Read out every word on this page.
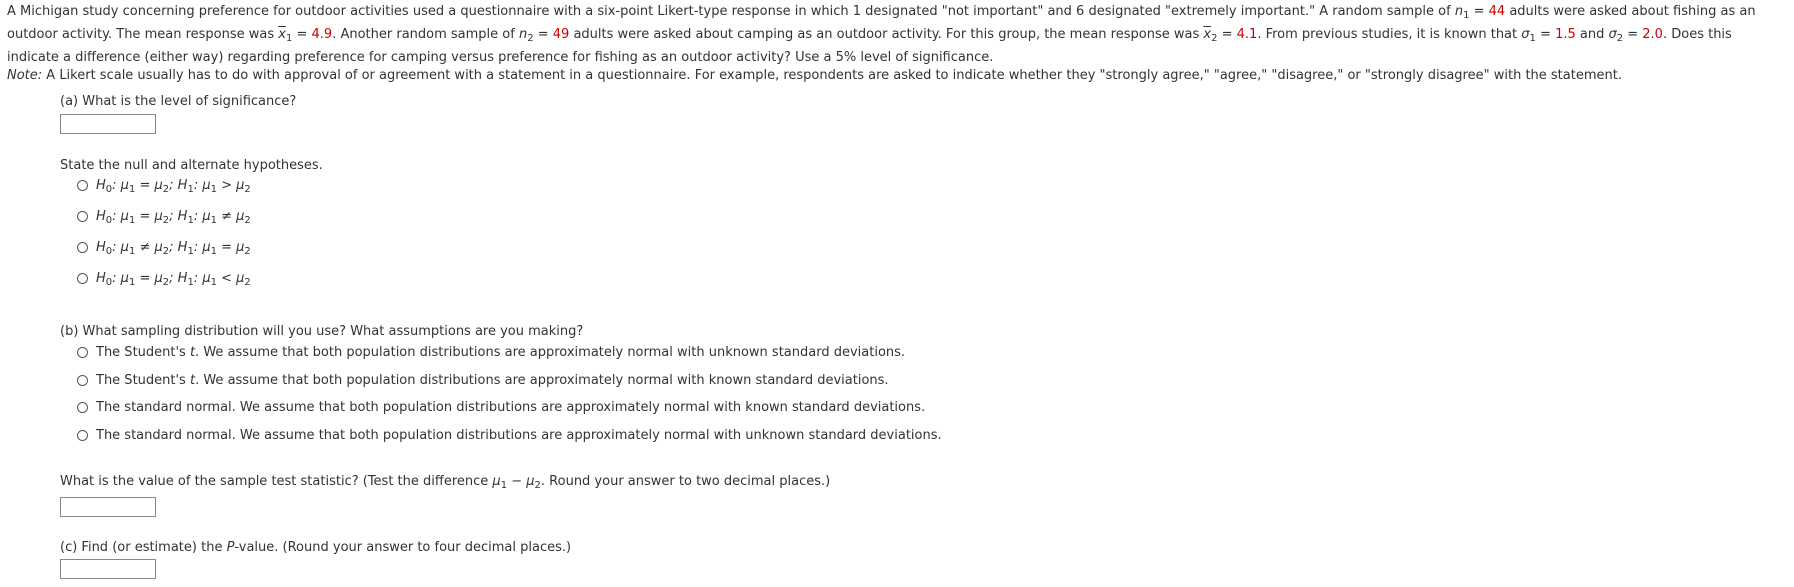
A Michigan study concerning preference for outdoor activities used a questionnaire with a six-point Likert-type response in which 1 designated "not important" and 6 designated "extremely important." A random sample of $n_1 = 44$ adults were asked about fishing as an outdoor activity. The mean response was $\overline{x}_1 = 4.9$. Another random sample of $n_2 = 49$ adults were asked about camping as an outdoor activity. For this group, the mean response was $\overline{x}_2 = 4.1$. From previous studies, it is known that $\sigma_1 = 1.5$ and $\sigma_2 = 2.0$. Does this indicate a difference (either way) regarding preference for camping versus preference for fishing as an outdoor activity? Use a 5% level of significance.

Note: A Likert scale usually has to do with approval of or agreement with a statement in a questionnaire. For example, respondents are asked to indicate whether they "strongly agree," "agree," "disagree," or "strongly disagree" with the statement.

(a) What is the level of significance?
State the null and alternate hypotheses.
$H_0$: $\mu_1 = \mu_2$; $H_1$: $\mu_1 > \mu_2$
$H_0$: $\mu_1 = \mu_2$; $H_1$: $\mu_1 \ne \mu_2$
$H_0$: $\mu_1 \ne \mu_2$; $H_1$: $\mu_1 = \mu_2$
$H_0$: $\mu_1 = \mu_2$; $H_1$: $\mu_1 < \mu_2$
(b) What sampling distribution will you use? What assumptions are you making?
The Student's t. We assume that both population distributions are approximately normal with unknown standard deviations.
The Student's t. We assume that both population distributions are approximately normal with known standard deviations.
The standard normal. We assume that both population distributions are approximately normal with known standard deviations.
The standard normal. We assume that both population distributions are approximately normal with unknown standard deviations.
What is the value of the sample test statistic? (Test the difference $\mu_1 - \mu_2$. Round your answer to two decimal places.)
(c) Find (or estimate) the P-value. (Round your answer to four decimal places.)
